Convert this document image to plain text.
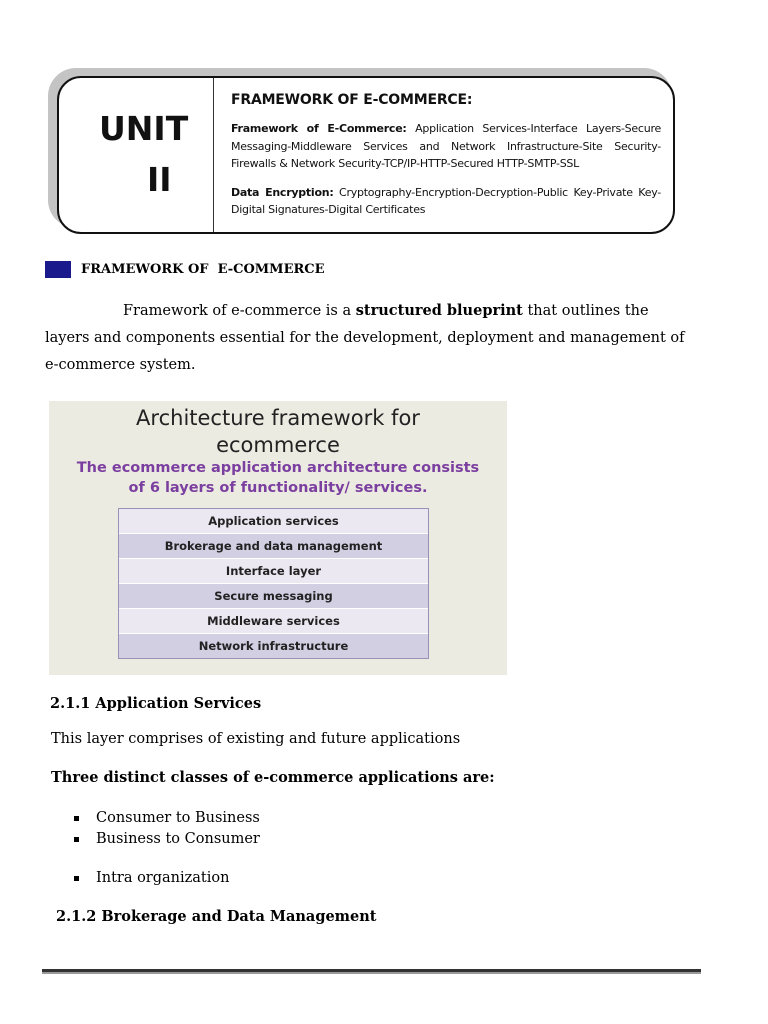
UNIT
II
FRAMEWORK OF E-COMMERCE:
Framework of E-Commerce: Application Services-Interface Layers-Secure Messaging-Middleware Services and Network Infrastructure-Site Security-Firewalls & Network Security-TCP/IP-HTTP-Secured HTTP-SMTP-SSL
Data Encryption: Cryptography-Encryption-Decryption-Public Key-Private Key-Digital Signatures-Digital Certificates
2.1	FRAMEWORK OF  E-COMMERCE
Framework of e-commerce is a structured blueprint that outlines the layers and components essential for the development, deployment and management of e-commerce system.
Architecture framework for
ecommerce
The ecommerce application architecture consists
of 6 layers of functionality/ services.
Application services
Brokerage and data management
Interface layer
Secure messaging
Middleware services
Network infrastructure
2.1.1 Application Services
This layer comprises of existing and future applications
Three distinct classes of e-commerce applications are:
Consumer to Business
Business to Consumer
Intra organization
2.1.2 Brokerage and Data Management
